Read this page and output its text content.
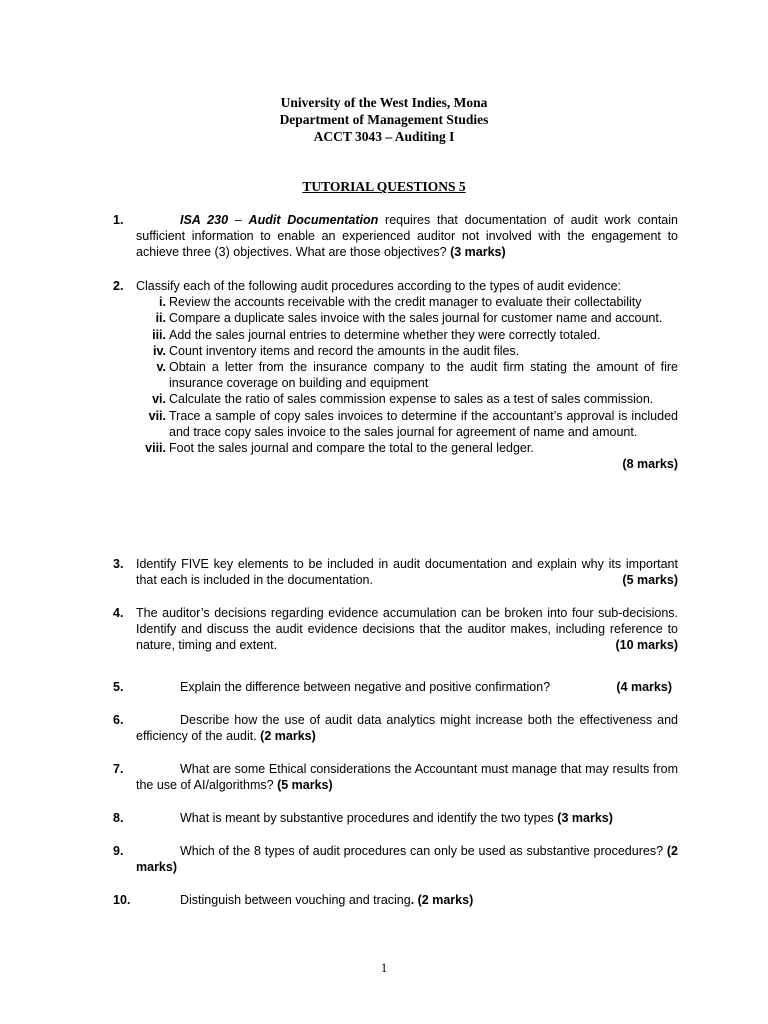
University of the West Indies, Mona
Department of Management Studies
ACCT 3043 – Auditing I
TUTORIAL QUESTIONS 5
1.	ISA 230 – Audit Documentation requires that documentation of audit work contain sufficient information to enable an experienced auditor not involved with the engagement to achieve three (3) objectives. What are those objectives? (3 marks)
2.	Classify each of the following audit procedures according to the types of audit evidence:
i. Review the accounts receivable with the credit manager to evaluate their collectability
ii. Compare a duplicate sales invoice with the sales journal for customer name and account.
iii. Add the sales journal entries to determine whether they were correctly totaled.
iv. Count inventory items and record the amounts in the audit files.
v. Obtain a letter from the insurance company to the audit firm stating the amount of fire insurance coverage on building and equipment
vi. Calculate the ratio of sales commission expense to sales as a test of sales commission.
vii. Trace a sample of copy sales invoices to determine if the accountant’s approval is included and trace copy sales invoice to the sales journal for agreement of name and amount.
viii. Foot the sales journal and compare the total to the general ledger.
(8 marks)
3.	Identify FIVE key elements to be included in audit documentation and explain why its important that each is included in the documentation.	(5 marks)
4.	The auditor’s decisions regarding evidence accumulation can be broken into four sub-decisions. Identify and discuss the audit evidence decisions that the auditor makes, including reference to nature, timing and extent.	(10 marks)
5.	Explain the difference between negative and positive confirmation?	(4 marks)
6.	Describe how the use of audit data analytics might increase both the effectiveness and efficiency of the audit. (2 marks)
7.	What are some Ethical considerations the Accountant must manage that may results from the use of AI/algorithms? (5 marks)
8.	What is meant by substantive procedures and identify the two types (3 marks)
9.	Which of the 8 types of audit procedures can only be used as substantive procedures? (2 marks)
10.	Distinguish between vouching and tracing. (2 marks)
1
